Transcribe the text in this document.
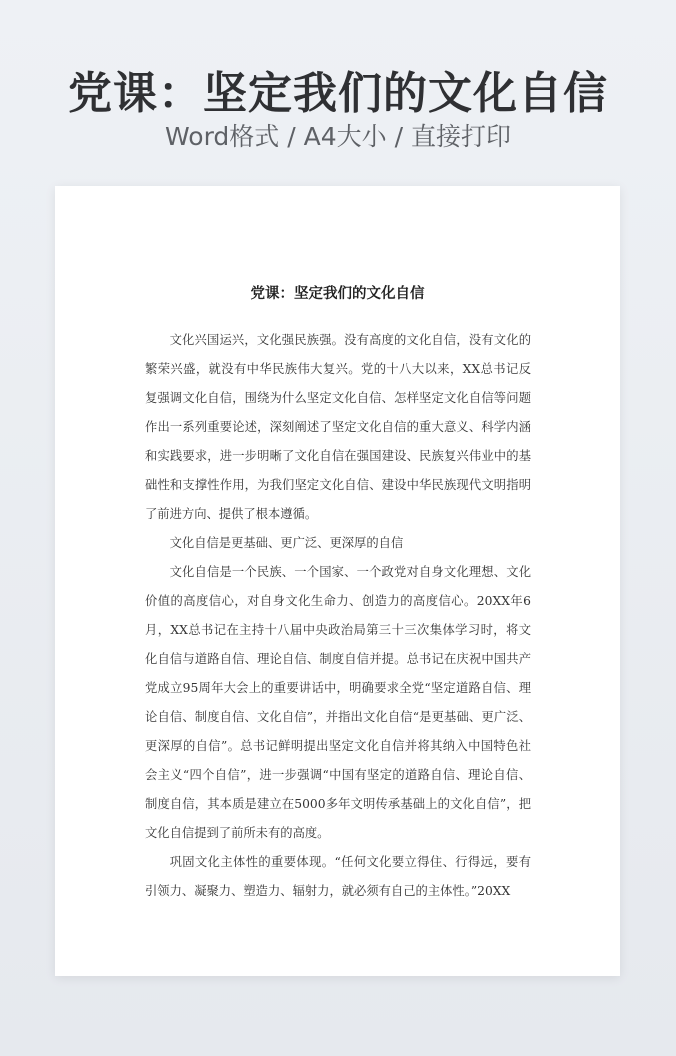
党课：坚定我们的文化自信
Word格式 / A4大小 / 直接打印
党课：坚定我们的文化自信

文化兴国运兴，文化强民族强。没有高度的文化自信，没有文化的繁荣兴盛，就没有中华民族伟大复兴。党的十八大以来，XX总书记反复强调文化自信，围绕为什么坚定文化自信、怎样坚定文化自信等问题作出一系列重要论述，深刻阐述了坚定文化自信的重大意义、科学内涵和实践要求，进一步明晰了文化自信在强国建设、民族复兴伟业中的基础性和支撑性作用，为我们坚定文化自信、建设中华民族现代文明指明了前进方向、提供了根本遵循。

文化自信是更基础、更广泛、更深厚的自信

文化自信是一个民族、一个国家、一个政党对自身文化理想、文化价值的高度信心，对自身文化生命力、创造力的高度信心。20XX年6月，XX总书记在主持十八届中央政治局第三十三次集体学习时，将文化自信与道路自信、理论自信、制度自信并提。总书记在庆祝中国共产党成立95周年大会上的重要讲话中，明确要求全党“坚定道路自信、理论自信、制度自信、文化自信”，并指出文化自信“是更基础、更广泛、更深厚的自信”。总书记鲜明提出坚定文化自信并将其纳入中国特色社会主义“四个自信”，进一步强调“中国有坚定的道路自信、理论自信、制度自信，其本质是建立在5000多年文明传承基础上的文化自信”，把文化自信提到了前所未有的高度。

巩固文化主体性的重要体现。“任何文化要立得住、行得远，要有引领力、凝聚力、塑造力、辐射力，就必须有自己的主体性。”20XX
